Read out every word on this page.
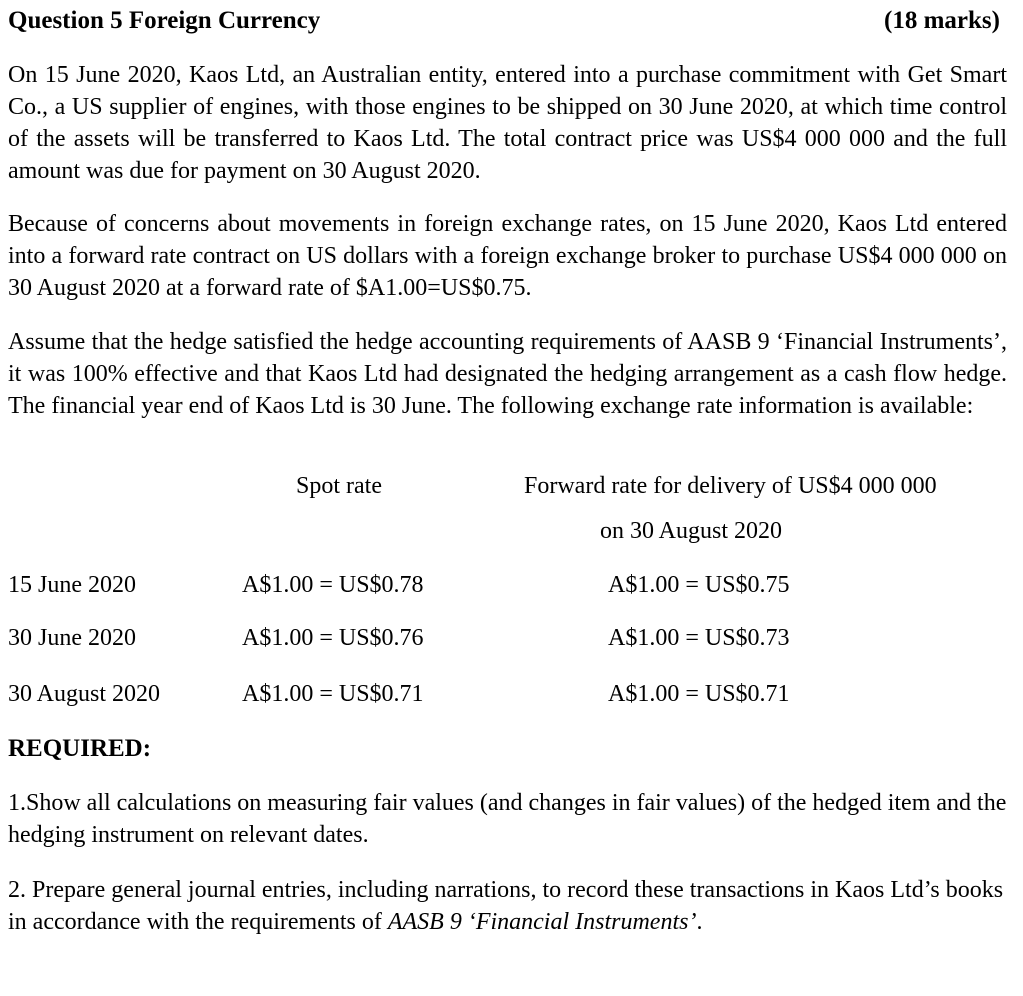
Question 5 Foreign Currency	(18 marks)

On 15 June 2020, Kaos Ltd, an Australian entity, entered into a purchase commitment with Get Smart Co., a US supplier of engines, with those engines to be shipped on 30 June 2020, at which time control of the assets will be transferred to Kaos Ltd. The total contract price was US$4 000 000 and the full amount was due for payment on 30 August 2020.

Because of concerns about movements in foreign exchange rates, on 15 June 2020, Kaos Ltd entered into a forward rate contract on US dollars with a foreign exchange broker to purchase US$4 000 000 on 30 August 2020 at a forward rate of $A1.00=US$0.75.

Assume that the hedge satisfied the hedge accounting requirements of AASB 9 ‘Financial Instruments’, it was 100% effective and that Kaos Ltd had designated the hedging arrangement as a cash flow hedge. The financial year end of Kaos Ltd is 30 June. The following exchange rate information is available:

Spot rate	Forward rate for delivery of US$4 000 000
on 30 August 2020
15 June 2020	A$1.00 = US$0.78	A$1.00 = US$0.75
30 June 2020	A$1.00 = US$0.76	A$1.00 = US$0.73
30 August 2020	A$1.00 = US$0.71	A$1.00 = US$0.71
REQUIRED:

1.Show all calculations on measuring fair values (and changes in fair values) of the hedged item and the hedging instrument on relevant dates.

2. Prepare general journal entries, including narrations, to record these transactions in Kaos Ltd’s books in accordance with the requirements of AASB 9 ‘Financial Instruments’.
